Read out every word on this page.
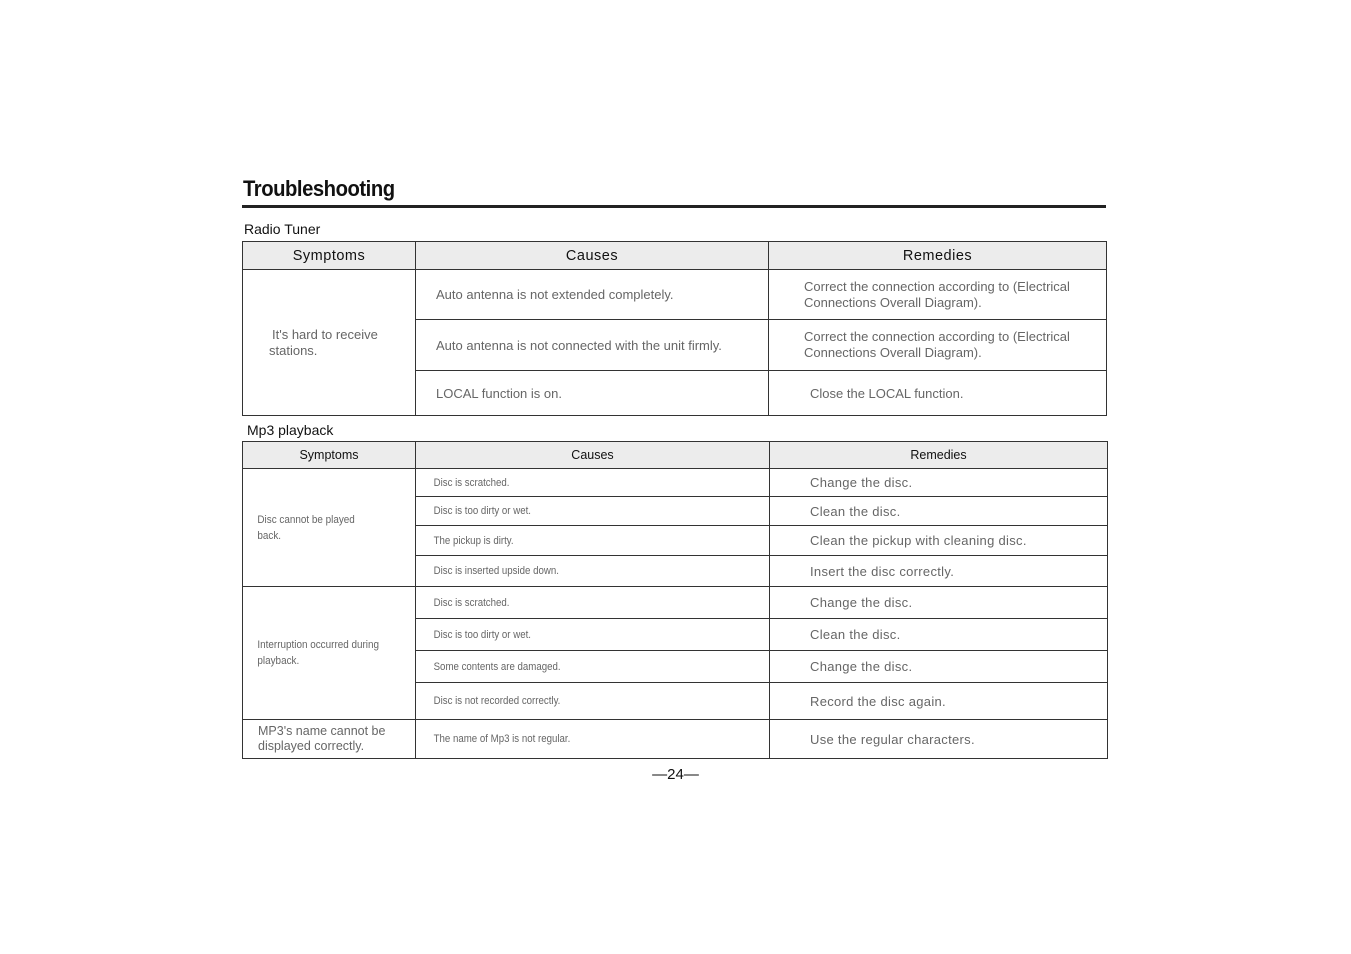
Troubleshooting
Radio Tuner
Symptoms	Causes	Remedies

It's hard to receive stations.	Auto antenna is not extended completely.	Correct the connection according to (Electrical Connections Overall Diagram).

	Auto antenna is not connected with the unit firmly.	Correct the connection according to (Electrical Connections Overall Diagram).

	LOCAL function is on.	Close the LOCAL function.
Mp3 playback
Symptoms	Causes	Remedies

Disc cannot be played back.	Disc is scratched.	Change the disc.

	Disc is too dirty or wet.	Clean the disc.

	The pickup is dirty.	Clean the pickup with cleaning disc.

	Disc is inserted upside down.	Insert the disc correctly.

Interruption occurred during playback.	Disc is scratched.	Change the disc.

	Disc is too dirty or wet.	Clean the disc.

	Some contents are damaged.	Change the disc.

	Disc is not recorded correctly.	Record the disc again.

MP3's name cannot be displayed correctly.	The name of Mp3 is not regular.	Use the regular characters.
—24—
